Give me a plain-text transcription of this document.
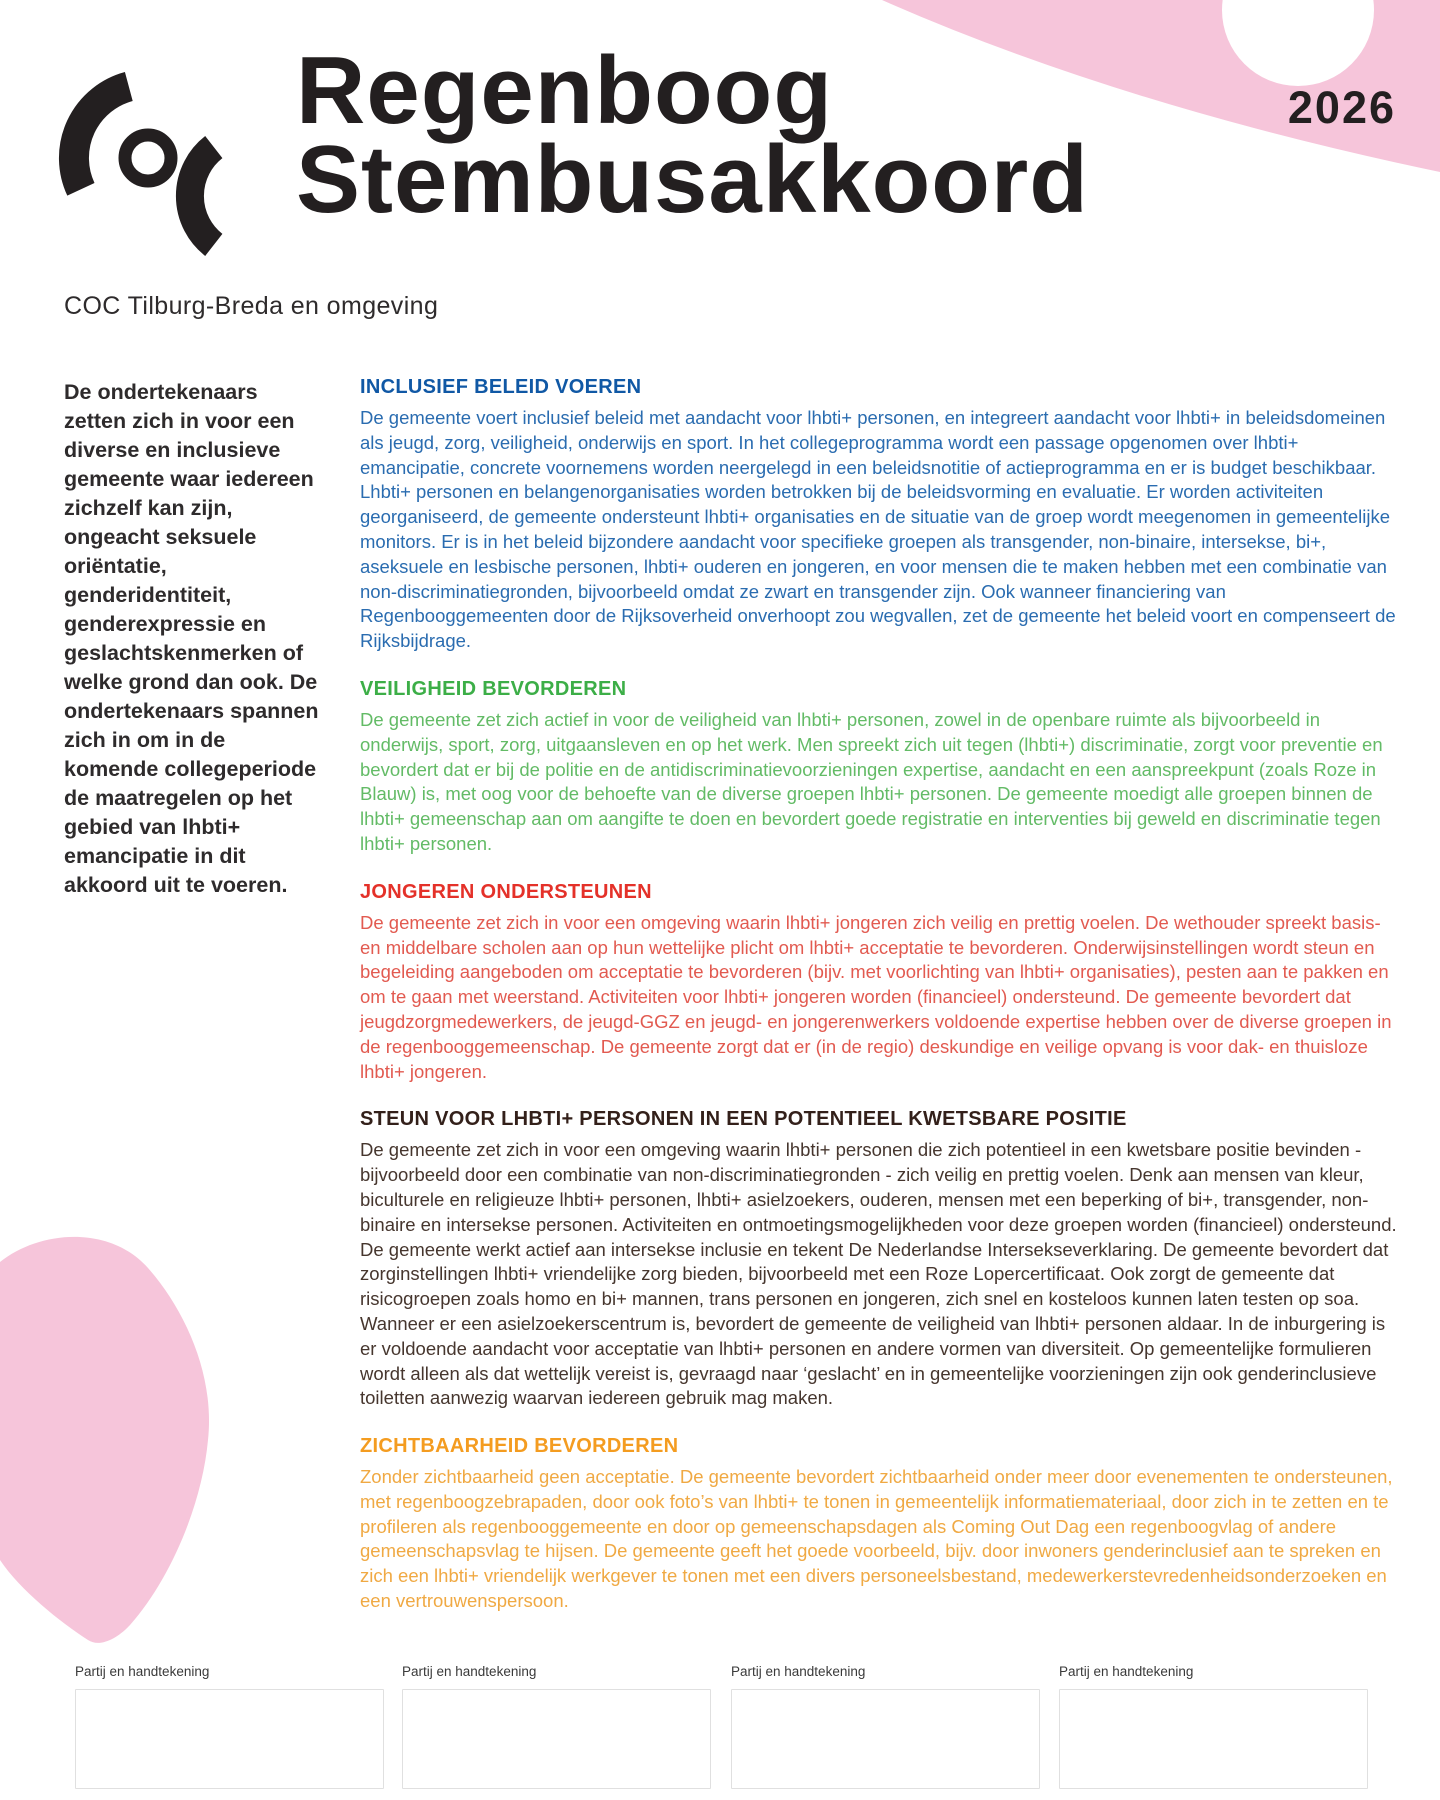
Regenboog
Stembusakkoord
2026
COC Tilburg-Breda en omgeving
De ondertekenaars zetten zich in voor een diverse en inclusieve gemeente waar iedereen zichzelf kan zijn, ongeacht seksuele oriëntatie, genderidentiteit, genderexpressie en geslachtskenmerken of welke grond dan ook. De ondertekenaars spannen zich in om in de komende collegeperiode de maatregelen op het gebied van lhbti+ emancipatie in dit akkoord uit te voeren.
INCLUSIEF BELEID VOEREN

De gemeente voert inclusief beleid met aandacht voor lhbti+ personen, en integreert aandacht voor lhbti+ in beleidsdomeinen als jeugd, zorg, veiligheid, onderwijs en sport. In het collegeprogramma wordt een passage opgenomen over lhbti+ emancipatie, concrete voornemens worden neergelegd in een beleidsnotitie of actieprogramma en er is budget beschikbaar. Lhbti+ personen en belangenorganisaties worden betrokken bij de beleidsvorming en evaluatie. Er worden activiteiten georganiseerd, de gemeente ondersteunt lhbti+ organisaties en de situatie van de groep wordt meegenomen in gemeentelijke monitors. Er is in het beleid bijzondere aandacht voor specifieke groepen als transgender, non-binaire, intersekse, bi+, aseksuele en lesbische personen, lhbti+ ouderen en jongeren, en voor mensen die te maken hebben met een combinatie van non-discriminatiegronden, bijvoorbeeld omdat ze zwart en transgender zijn. Ook wanneer financiering van Regenbooggemeenten door de Rijksoverheid onverhoopt zou wegvallen, zet de gemeente het beleid voort en compenseert de Rijksbijdrage.

VEILIGHEID BEVORDEREN

De gemeente zet zich actief in voor de veiligheid van lhbti+ personen, zowel in de openbare ruimte als bijvoorbeeld in onderwijs, sport, zorg, uitgaansleven en op het werk. Men spreekt zich uit tegen (lhbti+) discriminatie, zorgt voor preventie en bevordert dat er bij de politie en de antidiscriminatievoorzieningen expertise, aandacht en een aanspreekpunt (zoals Roze in Blauw) is, met oog voor de behoefte van de diverse groepen lhbti+ personen. De gemeente moedigt alle groepen binnen de lhbti+ gemeenschap aan om aangifte te doen en bevordert goede registratie en interventies bij geweld en discriminatie tegen lhbti+ personen.

JONGEREN ONDERSTEUNEN

De gemeente zet zich in voor een omgeving waarin lhbti+ jongeren zich veilig en prettig voelen. De wethouder spreekt basis- en middelbare scholen aan op hun wettelijke plicht om lhbti+ acceptatie te bevorderen. Onderwijsinstellingen wordt steun en begeleiding aangeboden om acceptatie te bevorderen (bijv. met voorlichting van lhbti+ organisaties), pesten aan te pakken en om te gaan met weerstand. Activiteiten voor lhbti+ jongeren worden (financieel) ondersteund. De gemeente bevordert dat jeugdzorgmedewerkers, de jeugd-GGZ en jeugd- en jongerenwerkers voldoende expertise hebben over de diverse groepen in de regenbooggemeenschap. De gemeente zorgt dat er (in de regio) deskundige en veilige opvang is voor dak- en thuisloze lhbti+ jongeren.

STEUN VOOR LHBTI+ PERSONEN IN EEN POTENTIEEL KWETSBARE POSITIE

De gemeente zet zich in voor een omgeving waarin lhbti+ personen die zich potentieel in een kwetsbare positie bevinden - bijvoorbeeld door een combinatie van non-discriminatiegronden - zich veilig en prettig voelen. Denk aan mensen van kleur, biculturele en religieuze lhbti+ personen, lhbti+ asielzoekers, ouderen, mensen met een beperking of bi+, transgender, non-binaire en intersekse personen. Activiteiten en ontmoetingsmogelijkheden voor deze groepen worden (financieel) ondersteund. De gemeente werkt actief aan intersekse inclusie en tekent De Nederlandse Intersekseverklaring. De gemeente bevordert dat zorginstellingen lhbti+ vriendelijke zorg bieden, bijvoorbeeld met een Roze Lopercertificaat. Ook zorgt de gemeente dat risicogroepen zoals homo en bi+ mannen, trans personen en jongeren, zich snel en kosteloos kunnen laten testen op soa. Wanneer er een asielzoekerscentrum is, bevordert de gemeente de veiligheid van lhbti+ personen aldaar. In de inburgering is er voldoende aandacht voor acceptatie van lhbti+ personen en andere vormen van diversiteit. Op gemeentelijke formulieren wordt alleen als dat wettelijk vereist is, gevraagd naar ‘geslacht’ en in gemeentelijke voorzieningen zijn ook genderinclusieve toiletten aanwezig waarvan iedereen gebruik mag maken.

ZICHTBAARHEID BEVORDEREN

Zonder zichtbaarheid geen acceptatie. De gemeente bevordert zichtbaarheid onder meer door evenementen te ondersteunen, met regenboogzebrapaden, door ook foto’s van lhbti+ te tonen in gemeentelijk informatiemateriaal, door zich in te zetten en te profileren als regenbooggemeente en door op gemeenschapsdagen als Coming Out Dag een regenboogvlag of andere gemeenschapsvlag te hijsen. De gemeente geeft het goede voorbeeld, bijv. door inwoners genderinclusief aan te spreken en zich een lhbti+ vriendelijk werkgever te tonen met een divers personeelsbestand, medewerkerstevredenheidsonderzoeken en een vertrouwenspersoon.

Partij en handtekening	Partij en handtekening	Partij en handtekening	Partij en handtekening
